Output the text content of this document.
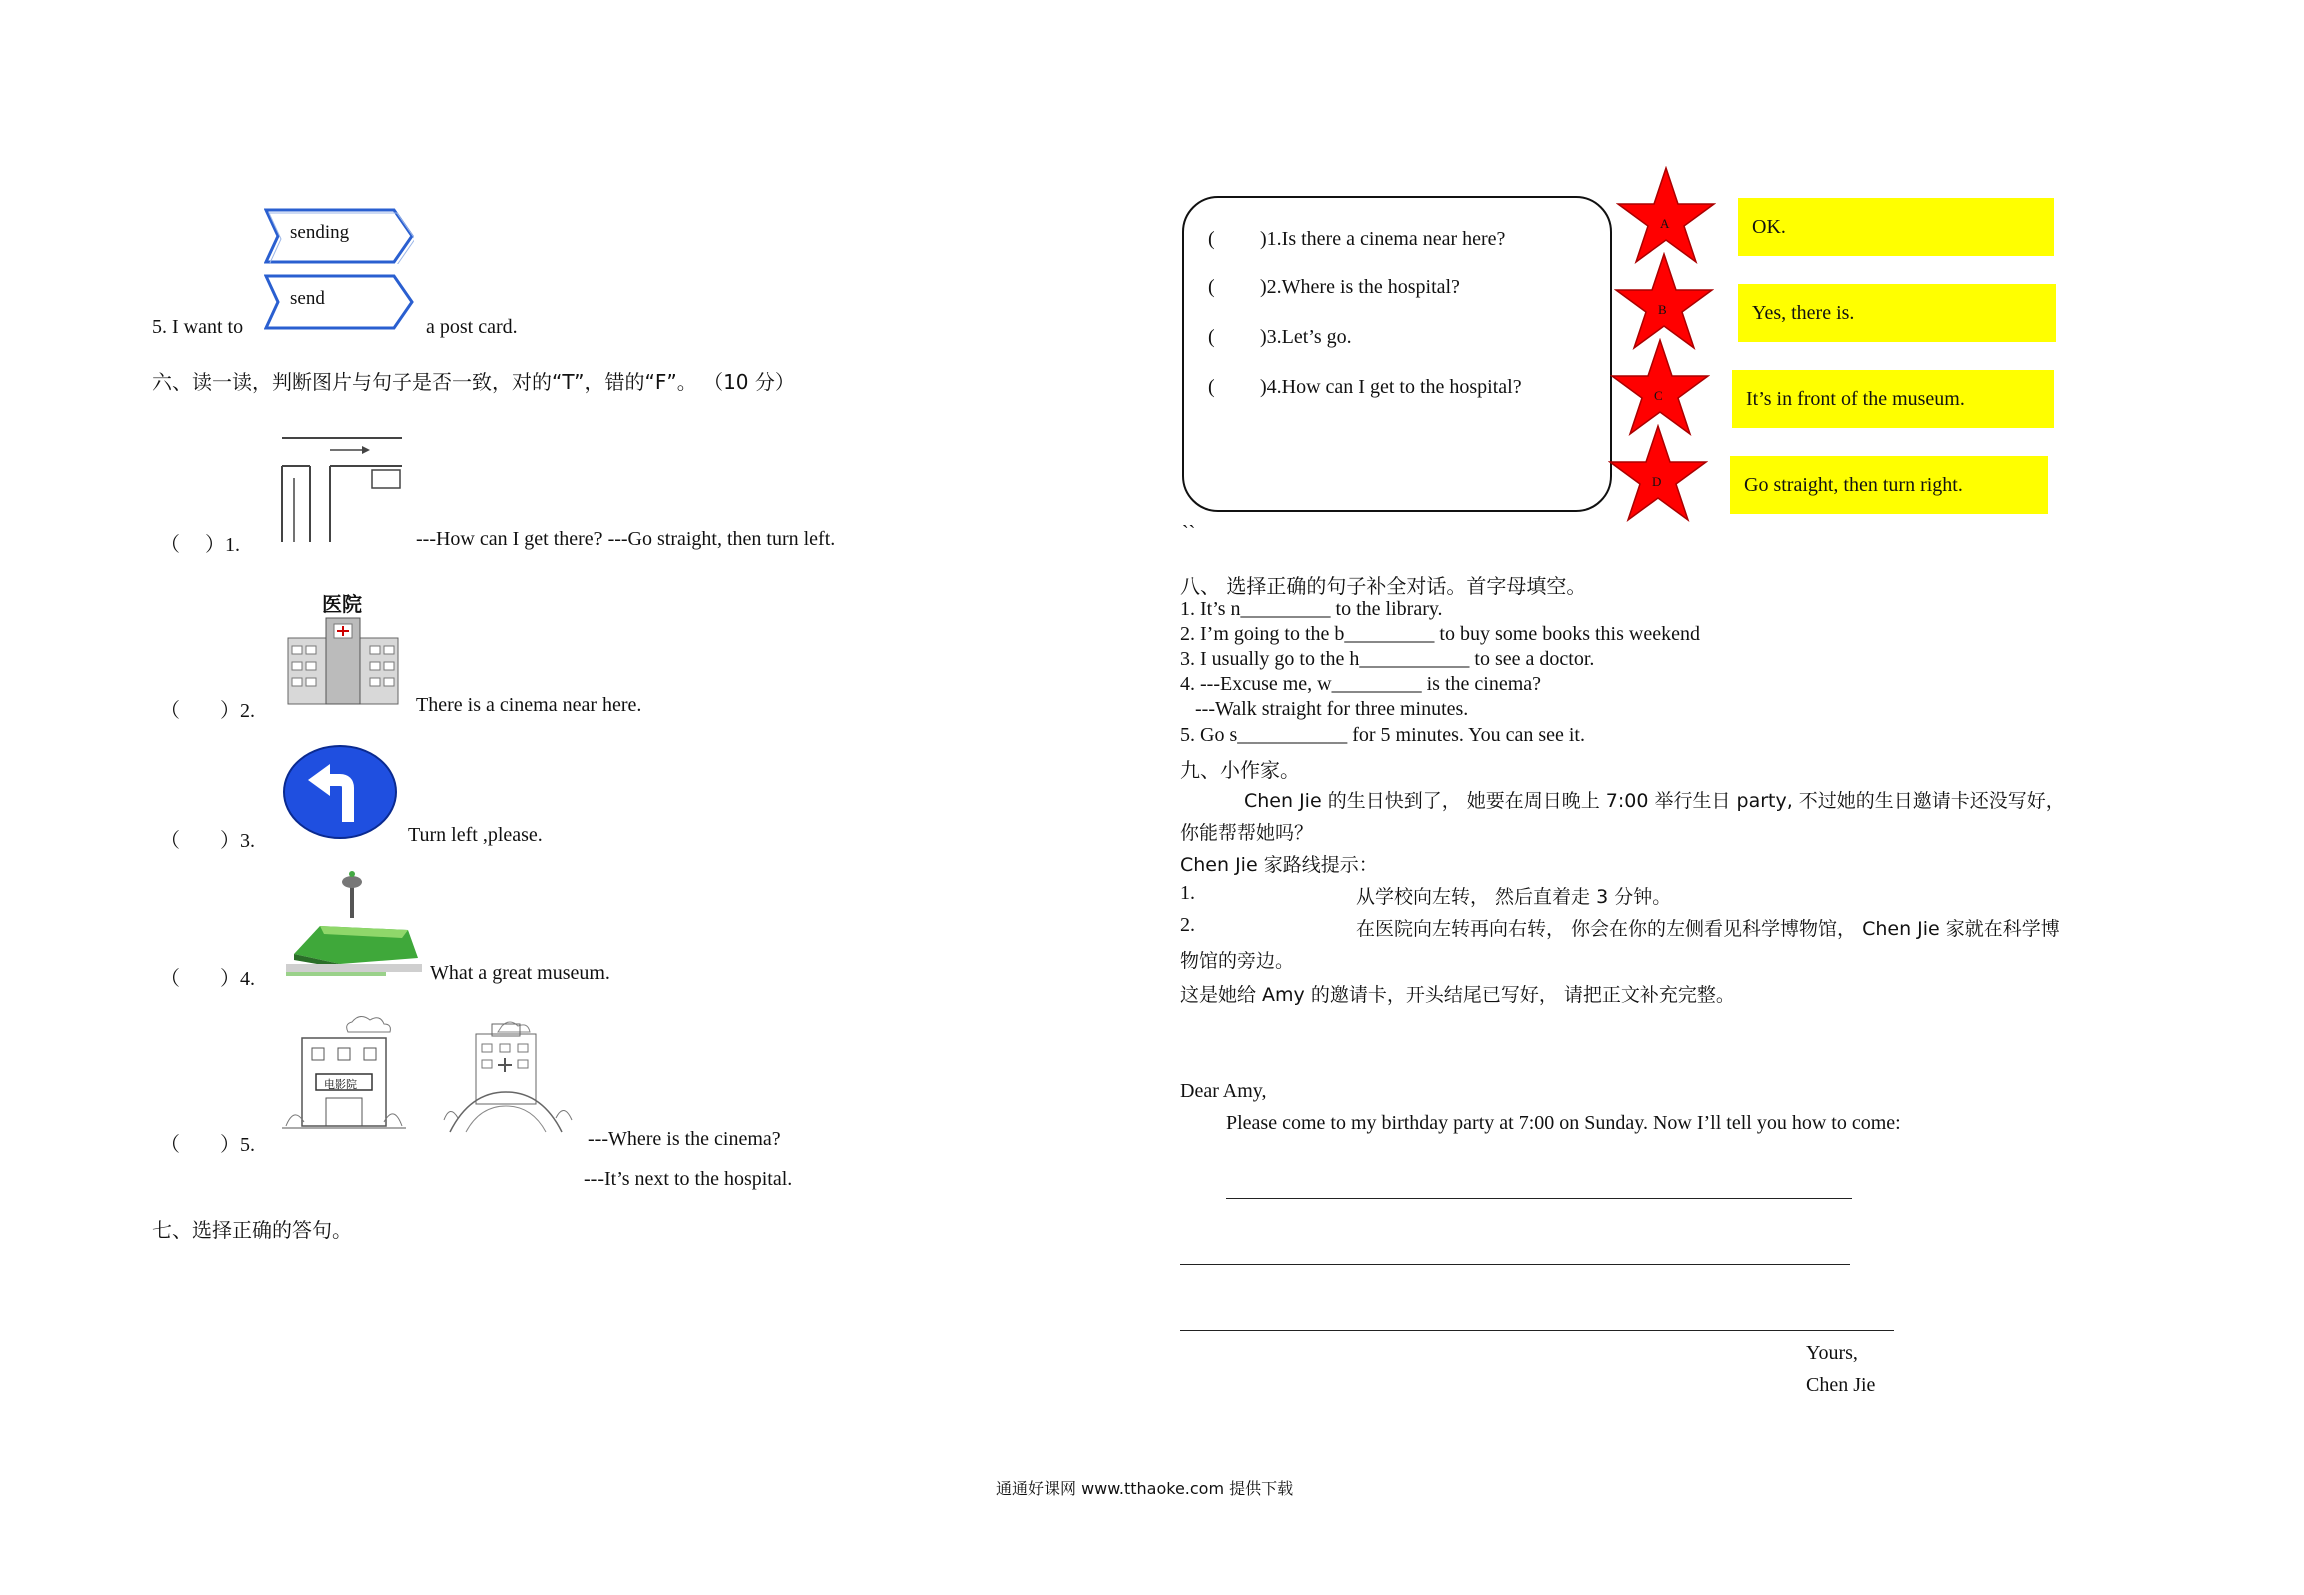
sending
send
5. I want to	a post card.
六、读一读，判断图片与句子是否一致，对的“T”，错的“F”。 （10 分）
（　 ）1.	---How can I get there? ---Go straight, then turn left.
医院
（　　）2.	There is a cinema near here.
（　　）3.	Turn left ,please.
（　　）4.	What a great museum.
电影院
（　　）5.	---Where is the cinema?
---It’s next to the hospital.
七、选择正确的答句。
( )1.Is there a cinema near here?
( )2.Where is the hospital?
( )3.Let’s go.
( )4.How can I get to the hospital?
A
B
C
D
OK.
Yes, there is.
It’s in front of the museum.
Go straight, then turn right.
``
八、 选择正确的句子补全对话。首字母填空。
1. It’s n_________ to the library.
2. I’m going to the b_________ to buy some books this weekend
3. I usually go to the h___________ to see a doctor.
4. ---Excuse me, w_________ is the cinema?
---Walk straight for three minutes.
5. Go s___________ for 5 minutes. You can see it.
九、小作家。
Chen Jie 的生日快到了， 她要在周日晚上 7:00 举行生日 party, 不过她的生日邀请卡还没写好，
你能帮帮她吗？
Chen Jie 家路线提示：
1.	从学校向左转， 然后直着走 3 分钟。
2.	在医院向左转再向右转， 你会在你的左侧看见科学博物馆， Chen Jie 家就在科学博
物馆的旁边。
这是她给 Amy 的邀请卡，开头结尾已写好， 请把正文补充完整。
Dear Amy,
Please come to my birthday party at 7:00 on Sunday. Now I’ll tell you how to come:
Yours,
Chen Jie
通通好课网 www.tthaoke.com 提供下载
